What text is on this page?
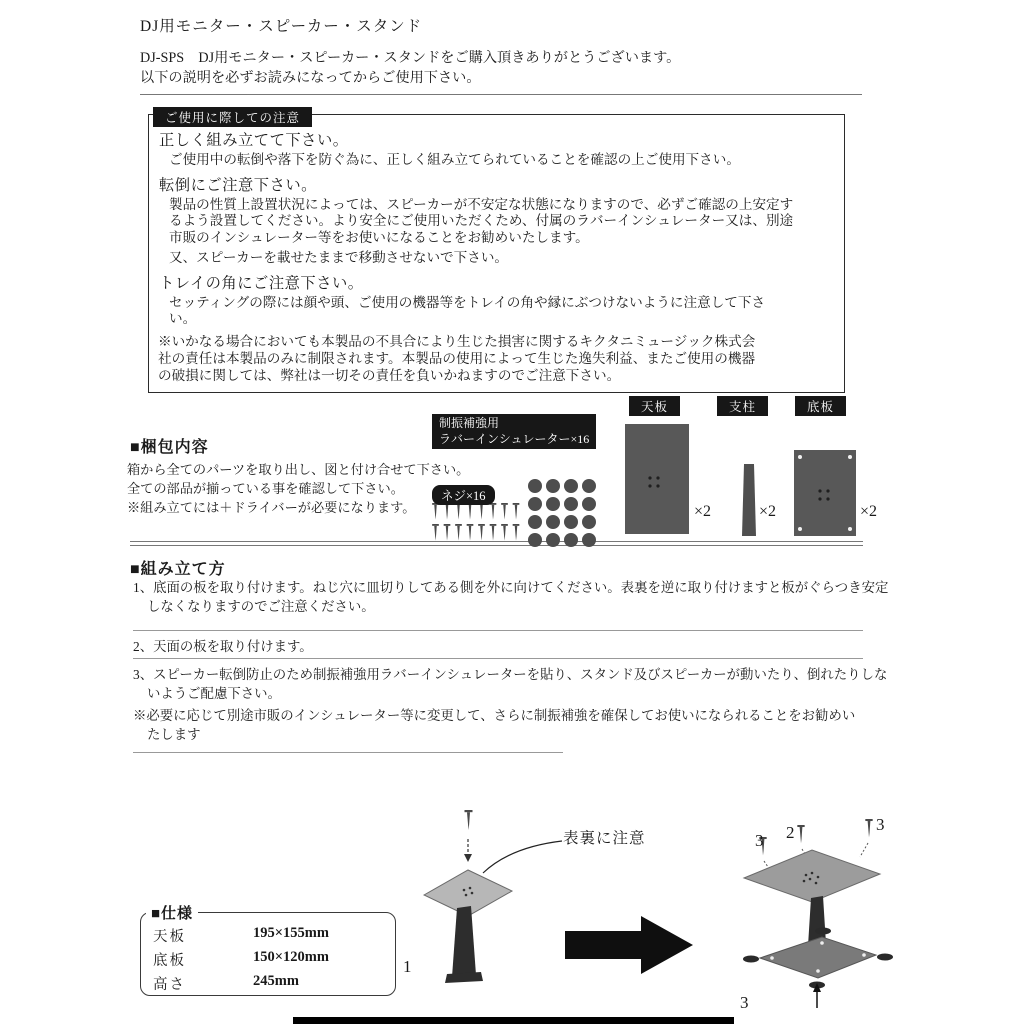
DJ用モニター・スピーカー・スタンド
DJ-SPS　DJ用モニター・スピーカー・スタンドをご購入頂きありがとうございます。
以下の説明を必ずお読みになってからご使用下さい。
正しく組み立てて下さい。
ご使用中の転倒や落下を防ぐ為に、正しく組み立てられていることを確認の上ご使用下さい。
転倒にご注意下さい。
製品の性質上設置状況によっては、スピーカーが不安定な状態になりますので、必ずご確認の上安定するよう設置してください。より安全にご使用いただくため、付属のラバーインシュレーター又は、別途市販のインシュレーター等をお使いになることをお勧めいたします。
又、スピーカーを載せたままで移動させないで下さい。
トレイの角にご注意下さい。
セッティングの際には顔や頭、ご使用の機器等をトレイの角や縁にぶつけないように注意して下さい。
※いかなる場合においても本製品の不具合により生じた損害に関するキクタニミュージック株式会社の責任は本製品のみに制限されます。本製品の使用によって生じた逸失利益、またご使用の機器の破損に関しては、弊社は一切その責任を負いかねますのでご注意下さい。
ご使用に際しての注意
■梱包内容
箱から全てのパーツを取り出し、図と付け合せて下さい。
全ての部品が揃っている事を確認して下さい。
※組み立てには＋ドライバーが必要になります。
制振補強用
ラバーインシュレーター×16
ネジ×16
天板	支柱	底板
×2	×2	×2
■組み立て方
1、底面の板を取り付けます。ねじ穴に皿切りしてある側を外に向けてください。表裏を逆に取り付けますと板がぐらつき安定しなくなりますのでご注意ください。
2、天面の板を取り付けます。
3、スピーカー転倒防止のため制振補強用ラバーインシュレーターを貼り、スタンド及びスピーカーが動いたり、倒れたりしないようご配慮下さい。
※必要に応じて別途市販のインシュレーター等に変更して、さらに制振補強を確保してお使いになられることをお勧めいたします
表裏に注意
1
3 2	3
3
■仕様
天板	195×155mm
底板	150×120mm
高さ	245mm
